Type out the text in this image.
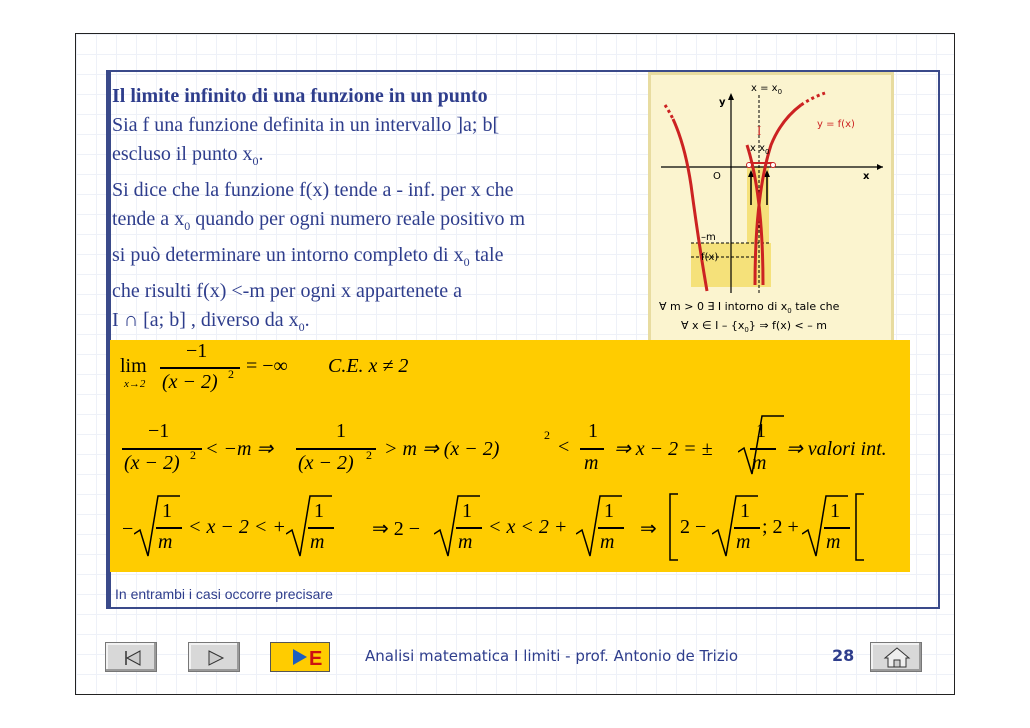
Il limite infinito di una funzione in un punto
Sia f una funzione definita in un intervallo ]a; b[
escluso il punto $x_0$.
Si dice che la funzione f(x) tende a - inf. per x che
tende a $x_0$ quando per ogni numero reale positivo m
si può determinare un intorno completo di $x_0$ tale
che risulti f(x) <-m per ogni x appartenete a
I ∩ [a; b] , diverso da $x_0$.
$x = x_0$
y
I
x $x_0$
y = f(x)
O	x
–m
f(x)
∀ m > 0 ∃ I intorno di $x_0$ tale che
∀ x ∈ I – $\{x_0\}$ ⇒ f(x) < – m
lim
x→2
−1
(x − 2) 2 = −∞ C.E. x ≠ 2
−1
(x − 2) 2 < −m ⇒
1
(x − 2) 2 > m ⇒ (x − 2)
2
<
1
m
⇒ x − 2 = ±
1
m
⇒ valori int.
−
1
m
< x − 2 < +
1
m
⇒ 2 −
1
m
< x < 2 +
1
m
⇒ 2 −
1
m
; 2 +
1
m
In entrambi i casi occorre precisare
E	Analisi matematica I limiti - prof. Antonio de Trizio	28
